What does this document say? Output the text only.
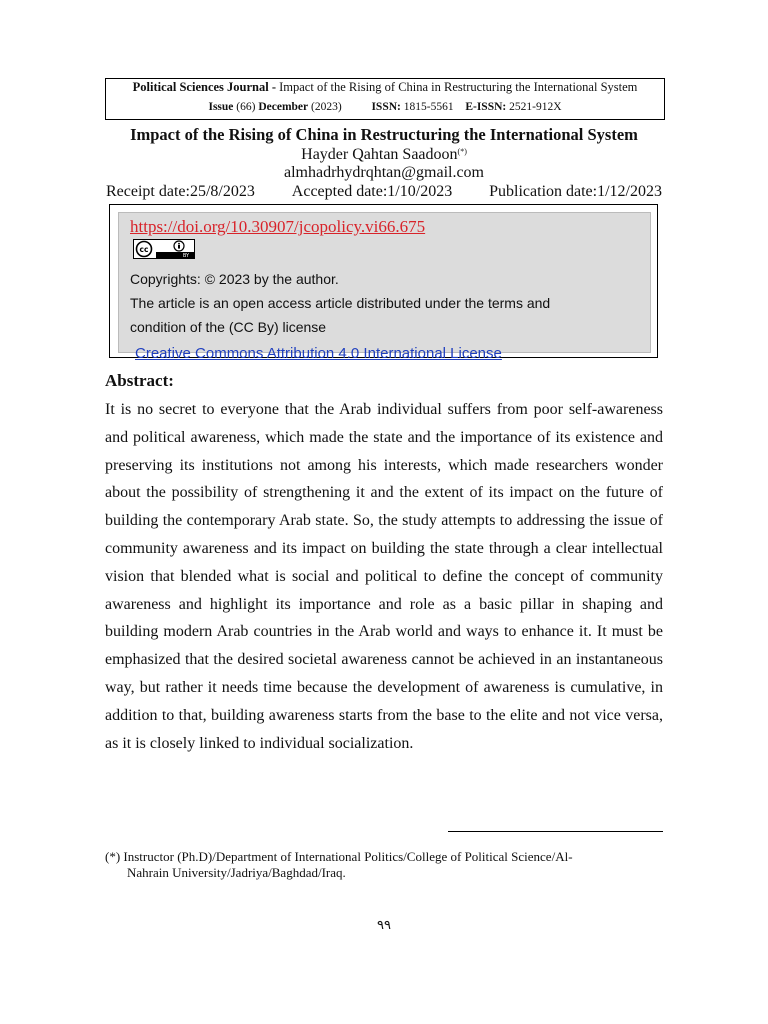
Political Sciences Journal - Impact of the Rising of China in Restructuring the International System
Issue (66) December (2023)	ISSN: 1815-5561 E-ISSN: 2521-912X
Impact of the Rising of China in Restructuring the International System
Hayder Qahtan Saadoon(*)
almhadrhydrqhtan@gmail.com
Receipt date:25/8/2023 Accepted date:1/10/2023 Publication date:1/12/2023
https://doi.org/10.30907/jcopolicy.vi66.675
BY
cc
Copyrights: © 2023 by the author.
The article is an open access article distributed under the terms and
condition of the (CC By) license
Creative Commons Attribution 4.0 International License
Abstract:
It is no secret to everyone that the Arab individual suffers from poor self-awareness and political awareness, which made the state and the importance of its existence and preserving its institutions not among his interests, which made researchers wonder about the possibility of strengthening it and the extent of its impact on the future of building the contemporary Arab state. So, the study attempts to addressing the issue of community awareness and its impact on building the state through a clear intellectual vision that blended what is social and political to define the concept of community awareness and highlight its importance and role as a basic pillar in shaping and building modern Arab countries in the Arab world and ways to enhance it. It must be emphasized that the desired societal awareness cannot be achieved in an instantaneous way, but rather it needs time because the development of awareness is cumulative, in addition to that, building awareness starts from the base to the elite and not vice versa, as it is closely linked to individual socialization.
(*) Instructor (Ph.D)/Department of International Politics/College of Political Science/Al-
Nahrain University/Jadriya/Baghdad/Iraq.
٩٩
